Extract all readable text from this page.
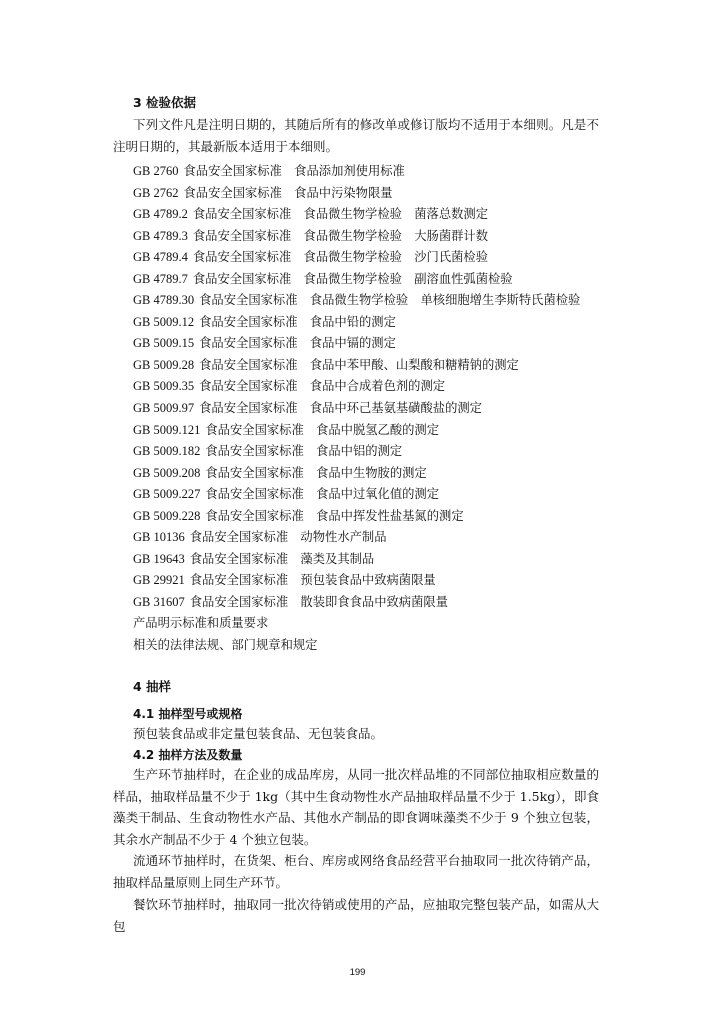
3 检验依据

下列文件凡是注明日期的，其随后所有的修改单或修订版均不适用于本细则。凡是不注明日期的，其最新版本适用于本细则。

GB 2760 食品安全国家标准　食品添加剂使用标准
GB 2762 食品安全国家标准　食品中污染物限量
GB 4789.2 食品安全国家标准　食品微生物学检验　菌落总数测定
GB 4789.3 食品安全国家标准　食品微生物学检验　大肠菌群计数
GB 4789.4 食品安全国家标准　食品微生物学检验　沙门氏菌检验
GB 4789.7 食品安全国家标准　食品微生物学检验　副溶血性弧菌检验
GB 4789.30 食品安全国家标准　食品微生物学检验　单核细胞增生李斯特氏菌检验
GB 5009.12 食品安全国家标准　食品中铅的测定
GB 5009.15 食品安全国家标准　食品中镉的测定
GB 5009.28 食品安全国家标准　食品中苯甲酸、山梨酸和糖精钠的测定
GB 5009.35 食品安全国家标准　食品中合成着色剂的测定
GB 5009.97 食品安全国家标准　食品中环己基氨基磺酸盐的测定
GB 5009.121 食品安全国家标准　食品中脱氢乙酸的测定
GB 5009.182 食品安全国家标准　食品中铝的测定
GB 5009.208 食品安全国家标准　食品中生物胺的测定
GB 5009.227 食品安全国家标准　食品中过氧化值的测定
GB 5009.228 食品安全国家标准　食品中挥发性盐基氮的测定
GB 10136 食品安全国家标准　动物性水产制品
GB 19643 食品安全国家标准　藻类及其制品
GB 29921 食品安全国家标准　预包装食品中致病菌限量
GB 31607 食品安全国家标准　散装即食食品中致病菌限量
产品明示标准和质量要求
相关的法律法规、部门规章和规定
4 抽样
4.1 抽样型号或规格
预包装食品或非定量包装食品、无包装食品。
4.2 抽样方法及数量

生产环节抽样时，在企业的成品库房，从同一批次样品堆的不同部位抽取相应数量的样品，抽取样品量不少于 1kg（其中生食动物性水产品抽取样品量不少于 1.5kg），即食藻类干制品、生食动物性水产品、其他水产制品的即食调味藻类不少于 9 个独立包装，其余水产制品不少于 4 个独立包装。

流通环节抽样时，在货架、柜台、库房或网络食品经营平台抽取同一批次待销产品，抽取样品量原则上同生产环节。

餐饮环节抽样时，抽取同一批次待销或使用的产品，应抽取完整包装产品，如需从大包

199
